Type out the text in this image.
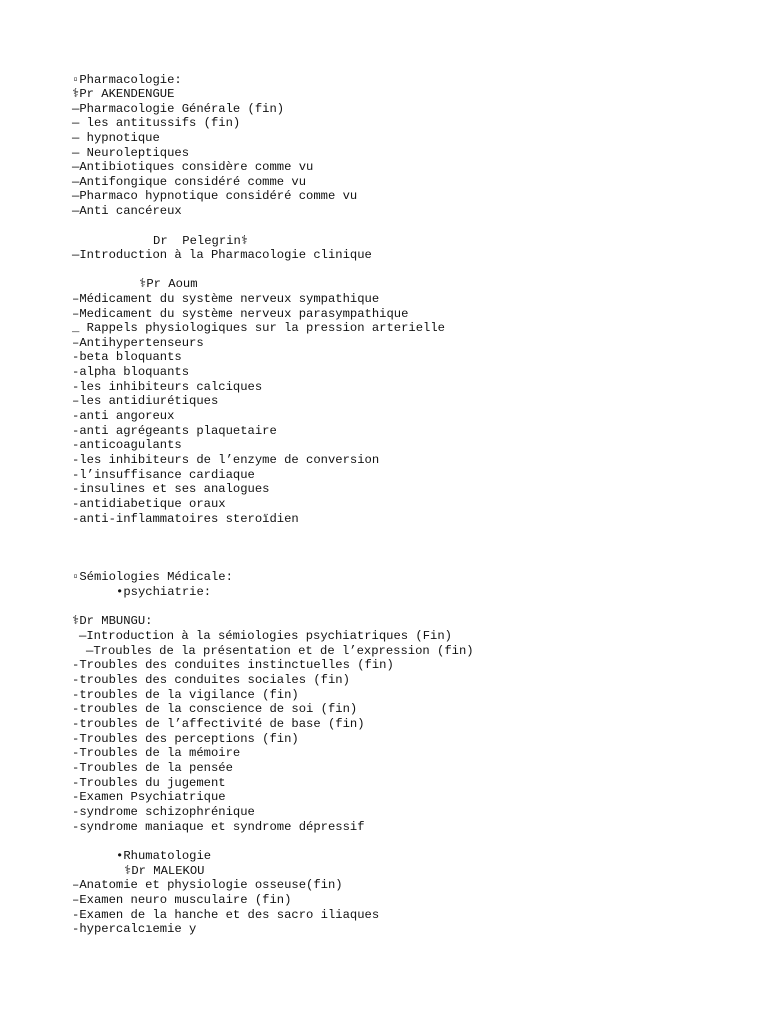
▫Pharmacologie:
⚕Pr AKENDENGUE
—Pharmacologie Générale (fin)
— les antitussifs (fin)
— hypnotique
— Neuroleptiques
—Antibiotiques considère comme vu
—Antifongique considéré comme vu
—Pharmaco hypnotique considéré comme vu
—Anti cancéreux
Dr  Pelegrin⚕
—Introduction à la Pharmacologie clinique
⚕Pr Aoum
–Médicament du système nerveux sympathique
–Medicament du système nerveux parasympathique
_ Rappels physiologiques sur la pression arterielle
–Antihypertenseurs
-beta bloquants
-alpha bloquants
-les inhibiteurs calciques
–les antidiurétiques
-anti angoreux
-anti agrégeants plaquetaire
-anticoagulants
-les inhibiteurs de l’enzyme de conversion
-l’insuffisance cardiaque
-insulines et ses analogues
-antidiabetique oraux
-anti-inflammatoires steroïdien
▫Sémiologies Médicale:
•psychiatrie:
⚕Dr MBUNGU:
—Introduction à la sémiologies psychiatriques (Fin)
—Troubles de la présentation et de l’expression (fin)
-Troubles des conduites instinctuelles (fin)
-troubles des conduites sociales (fin)
-troubles de la vigilance (fin)
-troubles de la conscience de soi (fin)
-troubles de l’affectivité de base (fin)
-Troubles des perceptions (fin)
-Troubles de la mémoire
-Troubles de la pensée
-Troubles du jugement
-Examen Psychiatrique
-syndrome schizophrénique
-syndrome maniaque et syndrome dépressif
•Rhumatologie
⚕Dr MALEKOU
–Anatomie et physiologie osseuse(fin)
–Examen neuro musculaire (fin)
-Examen de la hanche et des sacro iliaques
-hypercalcıemie y
